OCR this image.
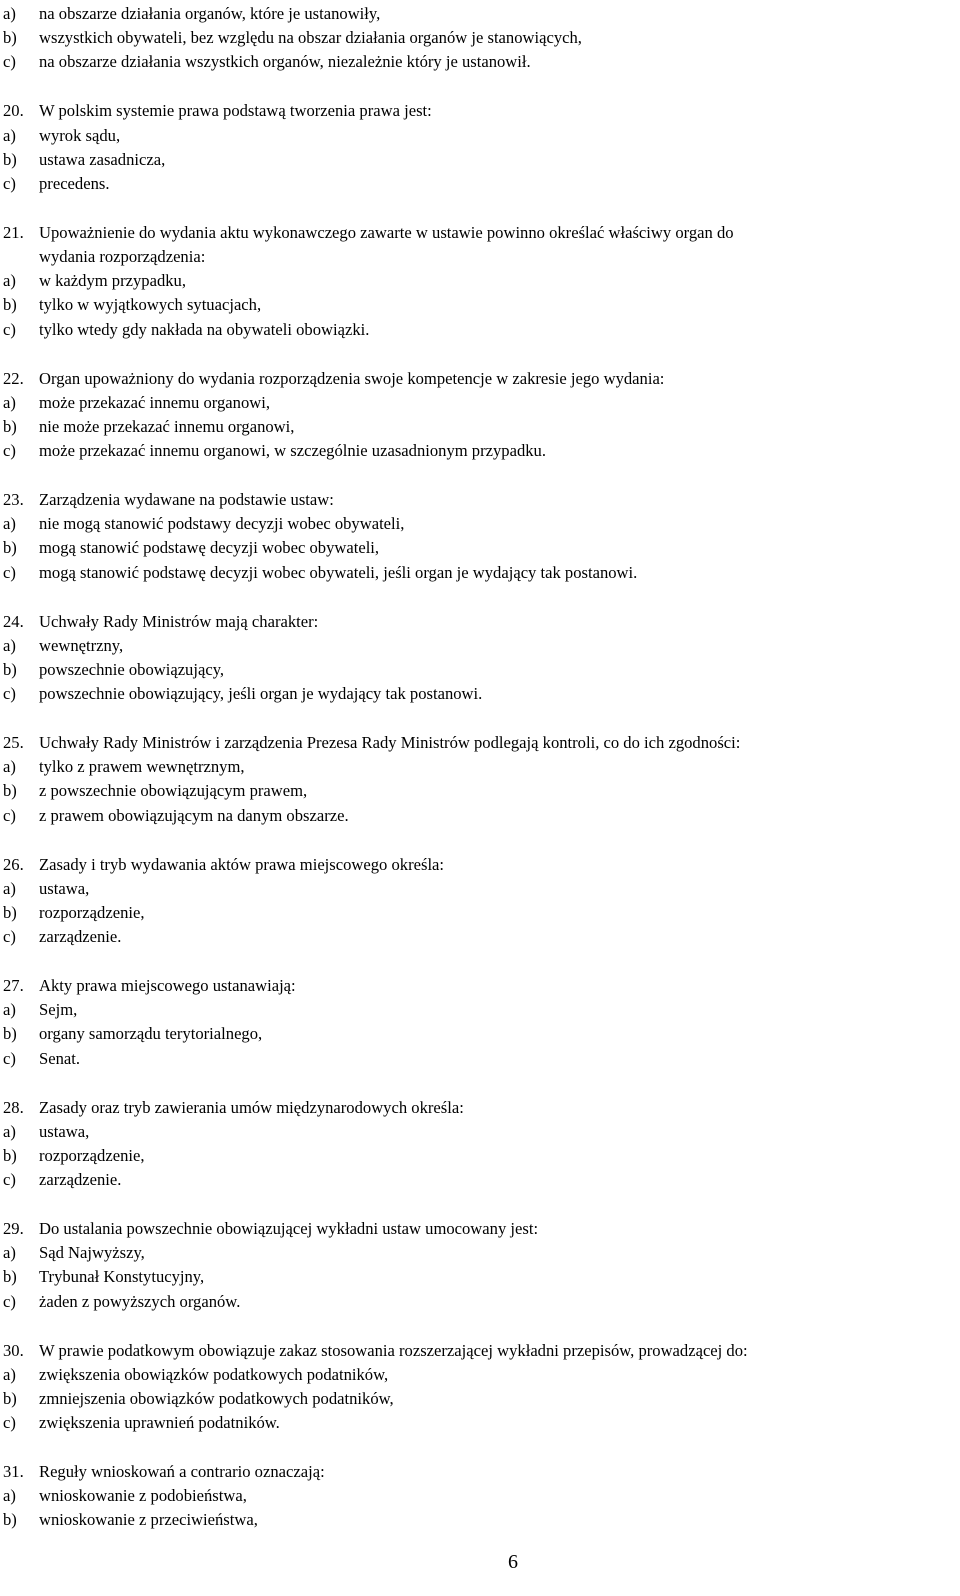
a)	na obszarze działania organów, które je ustanowiły,
b)	wszystkich obywateli, bez względu na obszar działania organów je stanowiących,
c)	na obszarze działania wszystkich organów, niezależnie który je ustanowił.
20. W polskim systemie prawa podstawą tworzenia prawa jest:
a)	wyrok sądu,
b)	ustawa zasadnicza,
c)	precedens.
21. Upoważnienie do wydania aktu wykonawczego zawarte w ustawie powinno określać właściwy organ do
wydania rozporządzenia:
a)	w każdym przypadku,
b)	tylko w wyjątkowych sytuacjach,
c)	tylko wtedy gdy nakłada na obywateli obowiązki.
22. Organ upoważniony do wydania rozporządzenia swoje kompetencje w zakresie jego wydania:
a)	może przekazać innemu organowi,
b)	nie może przekazać innemu organowi,
c)	może przekazać innemu organowi, w szczególnie uzasadnionym przypadku.
23. Zarządzenia wydawane na podstawie ustaw:
a)	nie mogą stanowić podstawy decyzji wobec obywateli,
b)	mogą stanowić podstawę decyzji wobec obywateli,
c)	mogą stanowić podstawę decyzji wobec obywateli, jeśli organ je wydający tak postanowi.
24. Uchwały Rady Ministrów mają charakter:
a)	wewnętrzny,
b)	powszechnie obowiązujący,
c)	powszechnie obowiązujący, jeśli organ je wydający tak postanowi.
25. Uchwały Rady Ministrów i zarządzenia Prezesa Rady Ministrów podlegają kontroli, co do ich zgodności:
a)	tylko z prawem wewnętrznym,
b)	z powszechnie obowiązującym prawem,
c)	z prawem obowiązującym na danym obszarze.
26. Zasady i tryb wydawania aktów prawa miejscowego określa:
a)	ustawa,
b)	rozporządzenie,
c)	zarządzenie.
27. Akty prawa miejscowego ustanawiają:
a)	Sejm,
b)	organy samorządu terytorialnego,
c)	Senat.
28. Zasady oraz tryb zawierania umów międzynarodowych określa:
a)	ustawa,
b)	rozporządzenie,
c)	zarządzenie.
29. Do ustalania powszechnie obowiązującej wykładni ustaw umocowany jest:
a)	Sąd Najwyższy,
b)	Trybunał Konstytucyjny,
c)	żaden z powyższych organów.
30. W prawie podatkowym obowiązuje zakaz stosowania rozszerzającej wykładni przepisów, prowadzącej do:
a)	zwiększenia obowiązków podatkowych podatników,
b)	zmniejszenia obowiązków podatkowych podatników,
c)	zwiększenia uprawnień podatników.
31. Reguły wnioskowań a contrario oznaczają:
a)	wnioskowanie z podobieństwa,
b)	wnioskowanie z przeciwieństwa,
6
